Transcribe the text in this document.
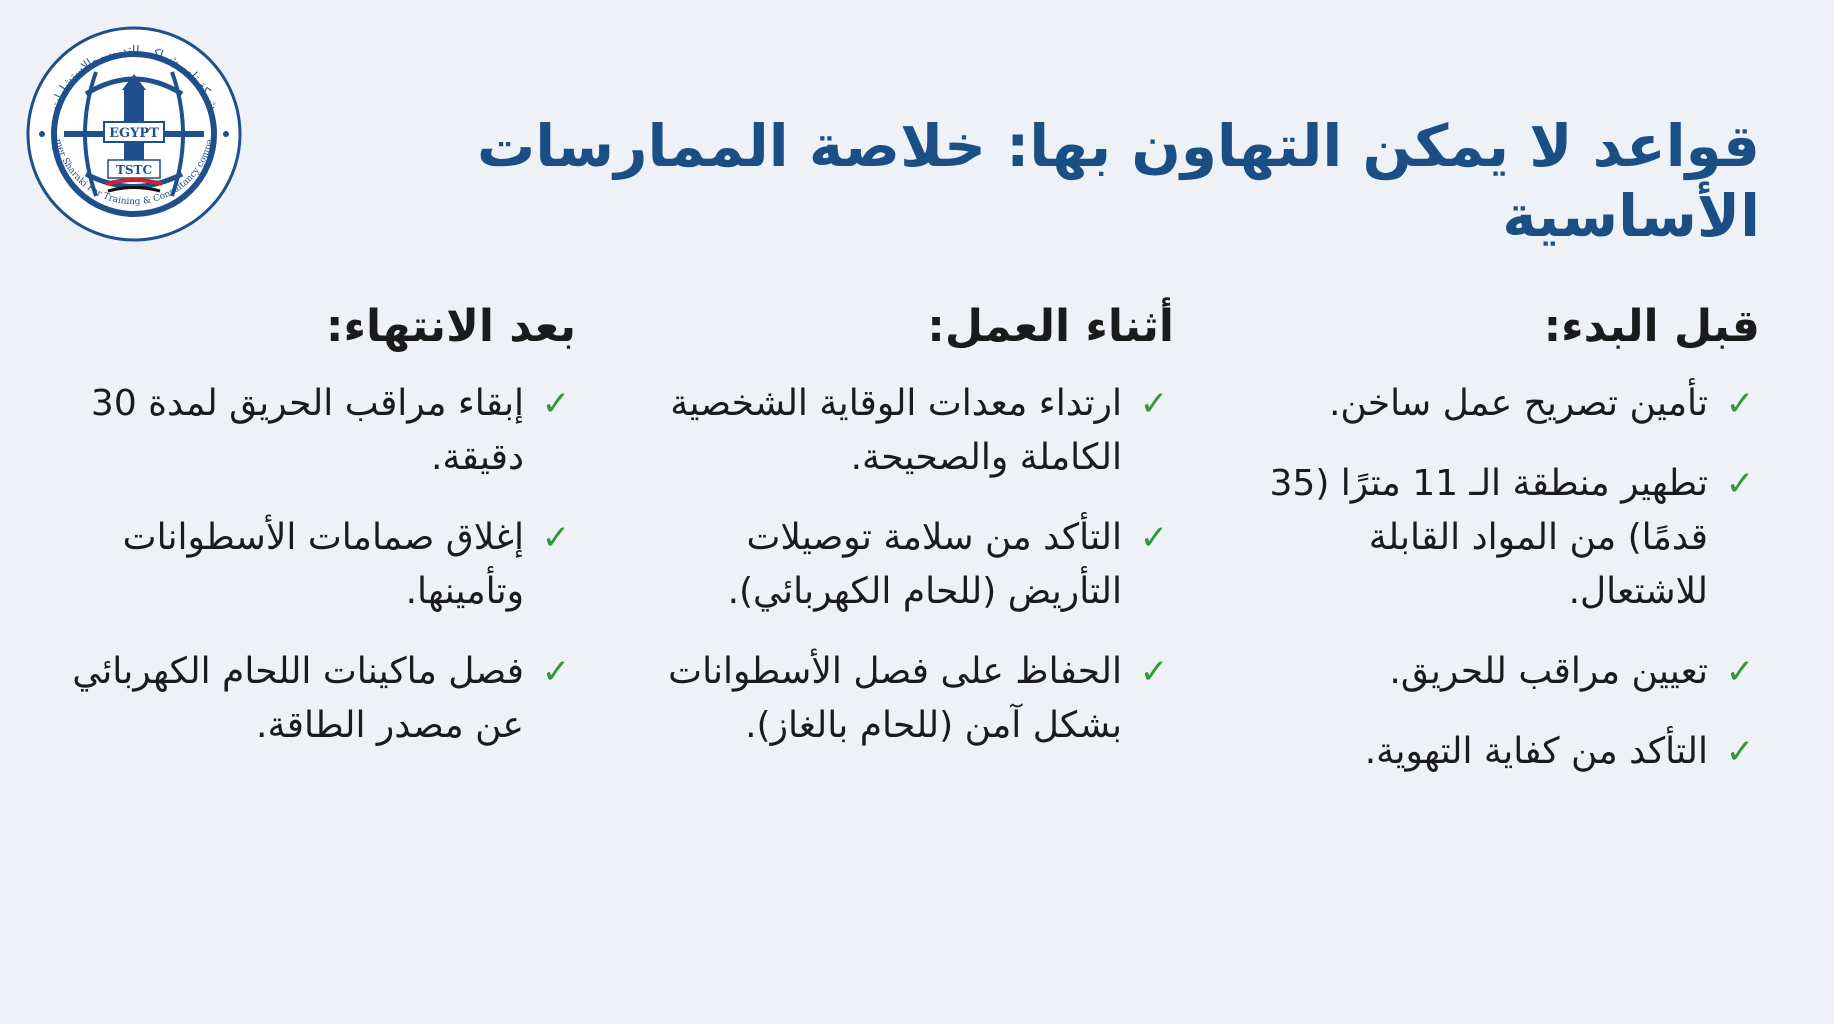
EGYPT
TSTC
شركة تامر شراكي للتدريب والاستشارات
mer Sharaki For Training & Consultancy compa	قواعد لا يمكن التهاون بها: خلاصة الممارسات الأساسية
قبل البدء:
✓
تأمين تصريح عمل ساخن.
✓
تطهير منطقة الـ 11 مترًا (35 قدمًا) من المواد القابلة للاشتعال.
✓
تعيين مراقب للحريق.
✓
التأكد من كفاية التهوية.
أثناء العمل:
✓
ارتداء معدات الوقاية الشخصية الكاملة والصحيحة.
✓
التأكد من سلامة توصيلات التأريض (للحام الكهربائي).
✓
الحفاظ على فصل الأسطوانات بشكل آمن (للحام بالغاز).
بعد الانتهاء:
✓
إبقاء مراقب الحريق لمدة 30 دقيقة.
✓
إغلاق صمامات الأسطوانات وتأمينها.
✓
فصل ماكينات اللحام الكهربائي عن مصدر الطاقة.
